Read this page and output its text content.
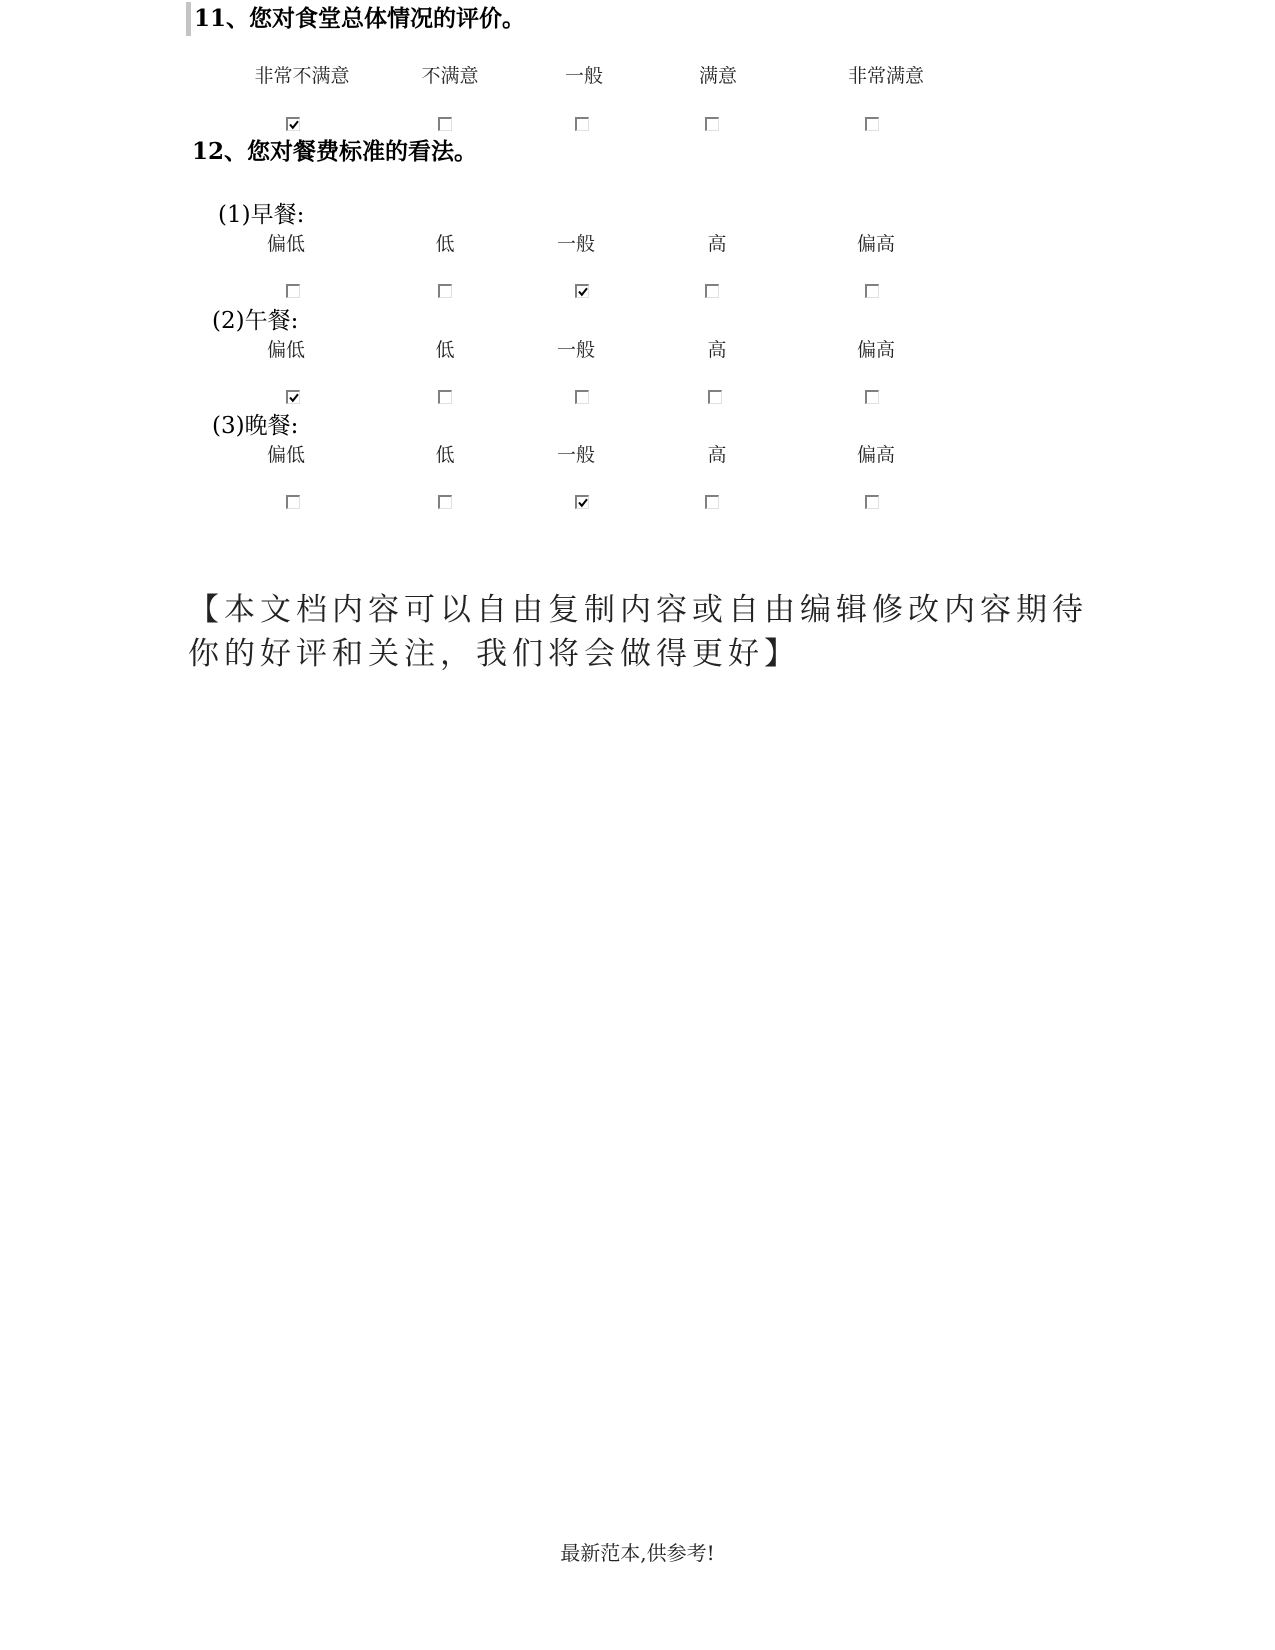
11、您对食堂总体情况的评价。
非常不满意	不满意	一般	满意	非常满意
12、您对餐费标准的看法。
(1)早餐:
偏低	低	一般	高	偏高
(2)午餐:
偏低	低	一般	高	偏高
(3)晚餐:
偏低	低	一般	高	偏高
【本文档内容可以自由复制内容或自由编辑修改内容期待你的好评和关注，我们将会做得更好】
最新范本,供参考!
